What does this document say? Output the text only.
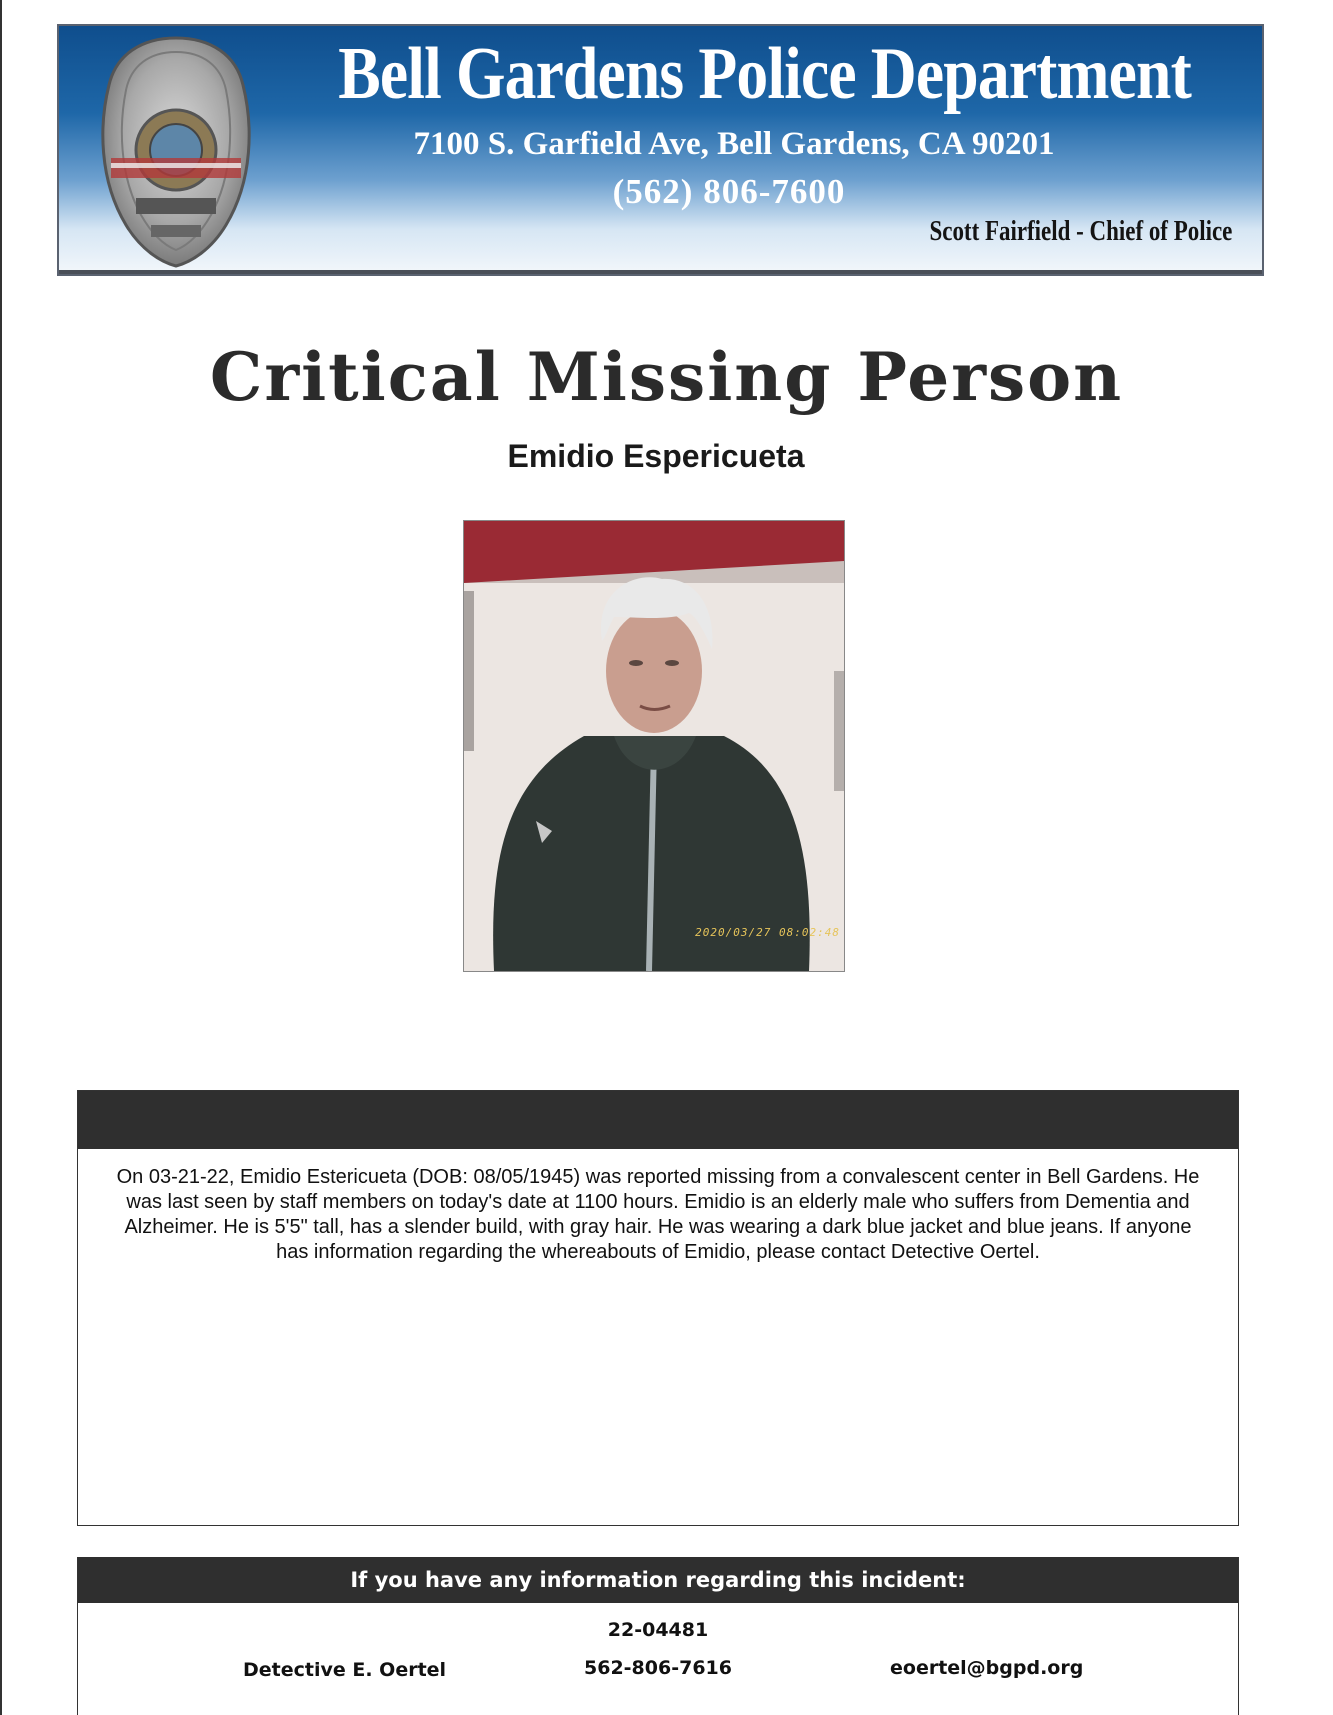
Bell Gardens Police Department
7100 S. Garfield Ave, Bell Gardens, CA 90201
(562) 806-7600
Scott Fairfield - Chief of Police
Critical Missing Person
Emidio Espericueta
2020/03/27 08:02:48
On 03-21-22, Emidio Estericueta (DOB: 08/05/1945) was reported missing from a convalescent center in Bell Gardens. He was last seen by staff members on today's date at 1100 hours. Emidio is an elderly male who suffers from Dementia and Alzheimer. He is 5'5" tall, has a slender build, with gray hair. He was wearing a dark blue jacket and blue jeans. If anyone has information regarding the whereabouts of Emidio, please contact Detective Oertel.
If you have any information regarding this incident:
22-04481
Detective E. Oertel	562-806-7616	eoertel@bgpd.org
